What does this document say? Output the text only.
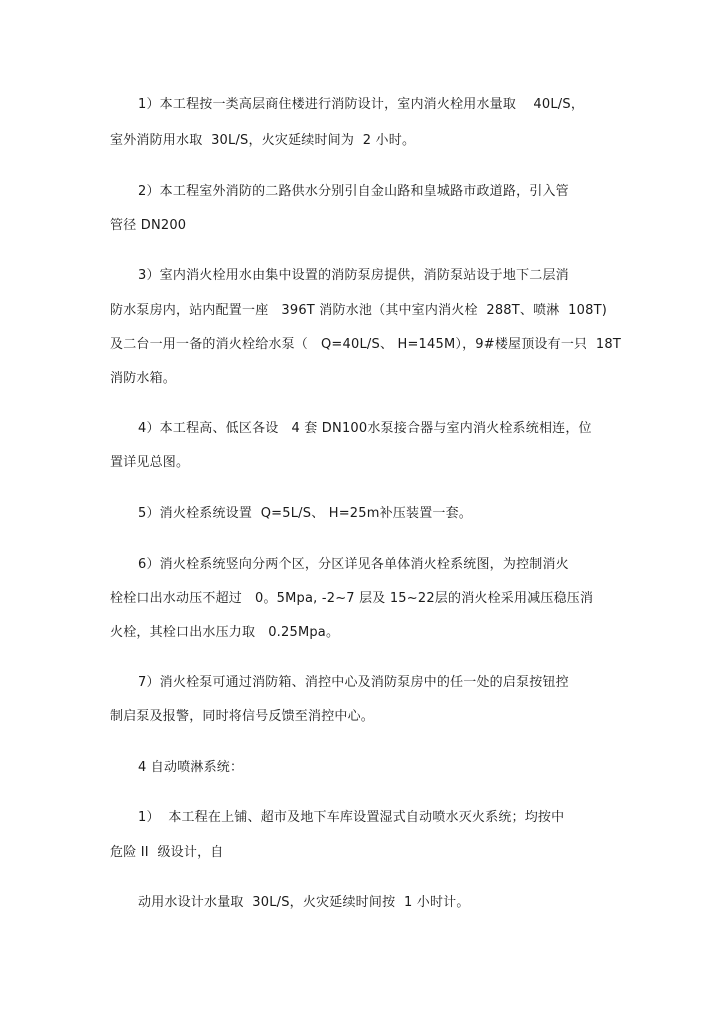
1）本工程按一类高层商住楼进行消防设计，室内消火栓用水量取    40L/S，
室外消防用水取  30L/S，火灾延续时间为  2 小时。
2）本工程室外消防的二路供水分别引自金山路和皇城路市政道路，引入管
管径 DN200
3）室内消火栓用水由集中设置的消防泵房提供，消防泵站设于地下二层消
防水泵房内，站内配置一座   396T 消防水池（其中室内消火栓  288T、喷淋  108T)
及二台一用一备的消火栓给水泵（   Q=40L/S、 H=145M），9#楼屋顶设有一只  18T
消防水箱。
4）本工程高、低区各设   4 套 DN100水泵接合器与室内消火栓系统相连，位
置详见总图。
5）消火栓系统设置  Q=5L/S、 H=25m补压装置一套。
6）消火栓系统竖向分两个区，分区详见各单体消火栓系统图，为控制消火
栓栓口出水动压不超过   0。5Mpa, -2~7 层及 15~22层的消火栓采用减压稳压消
火栓，其栓口出水压力取   0.25Mpa。
7）消火栓泵可通过消防箱、消控中心及消防泵房中的任一处的启泵按钮控
制启泵及报警，同时将信号反馈至消控中心。
4 自动喷淋系统：
1）  本工程在上铺、超市及地下车库设置湿式自动喷水灭火系统；均按中
危险 II  级设计，自
动用水设计水量取  30L/S，火灾延续时间按  1 小时计。
